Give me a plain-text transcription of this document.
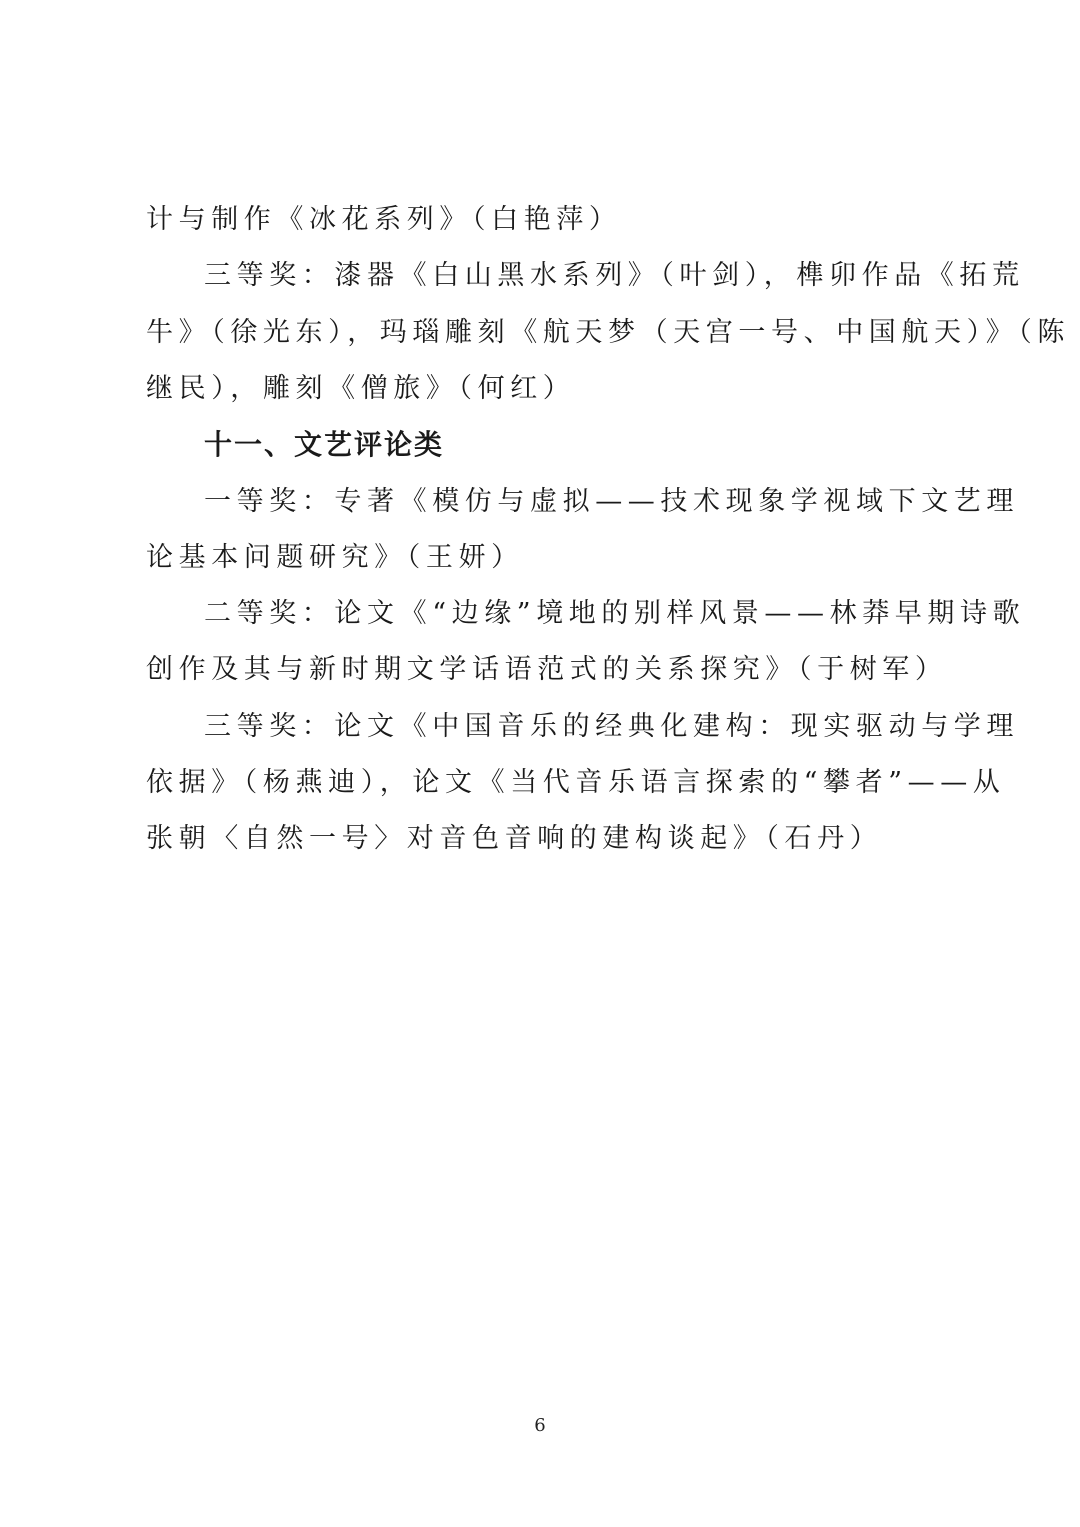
计与制作《冰花系列》（白艳萍）
三等奖：漆器《白山黑水系列》（叶剑），榫卯作品《拓荒
牛》（徐光东），玛瑙雕刻《航天梦（天宫一号、中国航天）》（陈
继民），雕刻《僧旅》（何红）
十一、文艺评论类
一等奖：专著《模仿与虚拟——技术现象学视域下文艺理
论基本问题研究》（王妍）
二等奖：论文《“边缘”境地的别样风景——林莽早期诗歌
创作及其与新时期文学话语范式的关系探究》（于树军）
三等奖：论文《中国音乐的经典化建构：现实驱动与学理
依据》（杨燕迪），论文《当代音乐语言探索的“攀者”——从
张朝〈自然一号〉对音色音响的建构谈起》（石丹）
6
